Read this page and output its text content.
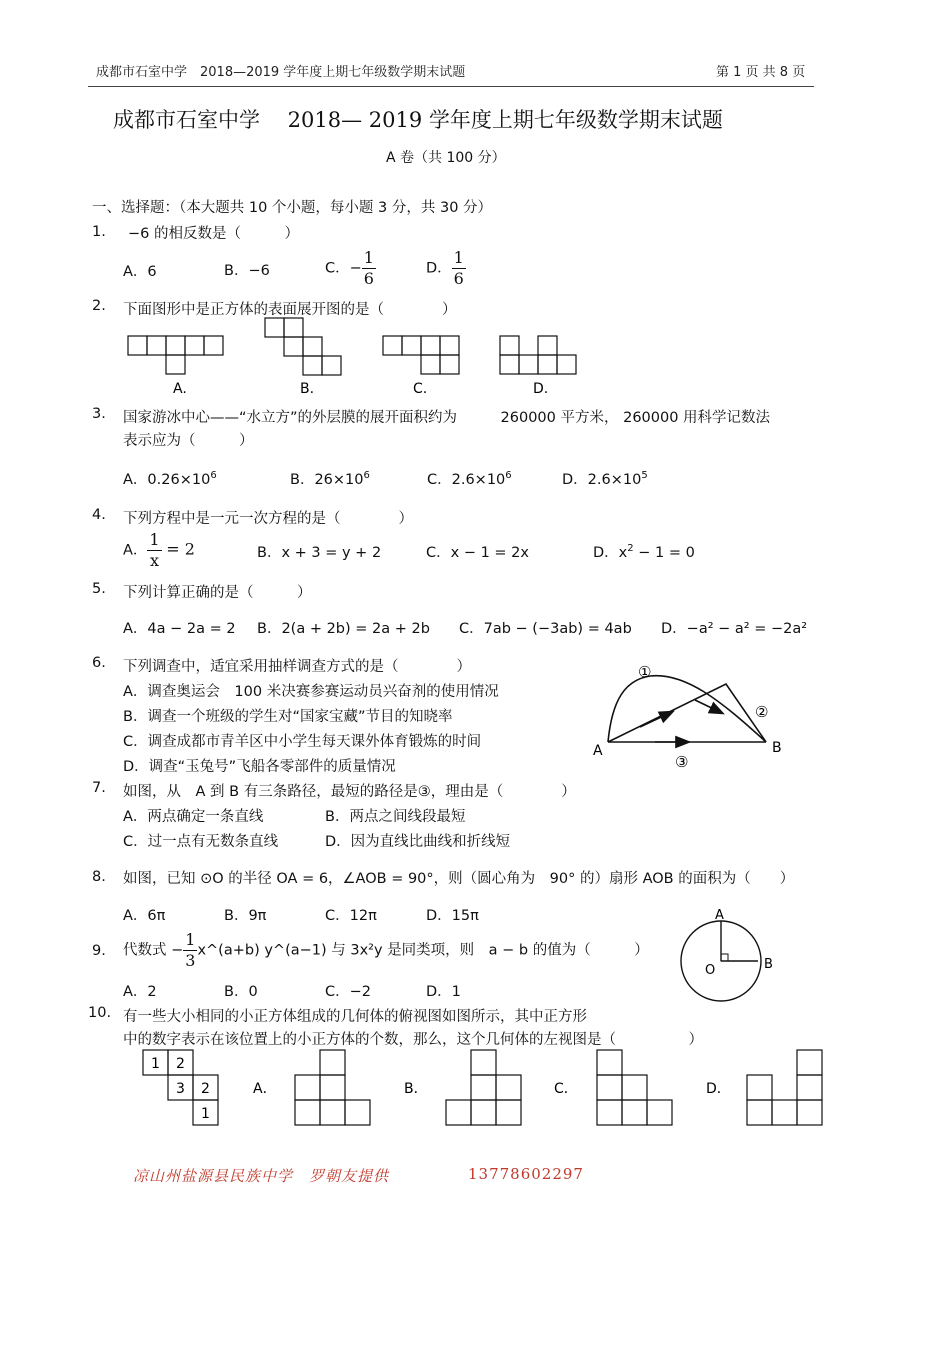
成都市石室中学　2018—2019 学年度上期七年级数学期末试题	第 1 页 共 8 页
成都市石室中学　 2018— 2019 学年度上期七年级数学期末试题
A 卷（共 100 分）
一、选择题：（本大题共 10 个小题，每小题 3 分，共 30 分）
1. −6 的相反数是（　　　）
A．6	B．−6	C．− $\frac{1}{6}$	D． $\frac{1}{6}$
2. 下面图形中是正方体的表面展开图的是（　　　　）
A.	B.	C.	D.
3. 国家游冰中心——“水立方”的外层膜的展开面积约为　　　260000 平方米， 260000 用科学记数法
表示应为（　　　）
A．$0.26\times 10^6$	B．$26\times 10^6$	C．$2.6\times 10^6$	D．$2.6\times 10^5$
4. 下列方程中是一元一次方程的是（　　　　）
A． $\frac{1}{x} = 2$	B．x + 3 = y + 2	C．x − 1 = 2x	D．$x^2 - 1 = 0$
5. 下列计算正确的是（　　　）
A．4a − 2a = 2 B．2(a + 2b) = 2a + 2b C．7ab − (−3ab) = 4ab D．−a² − a² = −2a²
6. 下列调查中，适宜采用抽样调查方式的是（　　　　）
A．调查奥运会　100 米决赛参赛运动员兴奋剂的使用情况
B．调查一个班级的学生对“国家宝藏”节目的知晓率
C．调查成都市青羊区中小学生每天课外体育锻炼的时间
D．调查“玉兔号”飞船各零部件的质量情况
①
②
③
A	B
7. 如图，从　A 到 B 有三条路径，最短的路径是③，理由是（　　　　）
A．两点确定一条直线	B．两点之间线段最短
C．过一点有无数条直线	D．因为直线比曲线和折线短
8. 如图，已知 ⊙O 的半径 OA = 6，∠AOB = 90°，则（圆心角为　90° 的）扇形 AOB 的面积为（　　）
A．6π	B．9π	C．12π	D．15π	A
O	B
9. 代数式 − $\frac{1}{3}$ x^(a+b) y^(a−1) 与 3x²y 是同类项，则　a − b 的值为（　　　）
A．2	B．0	C．−2	D．1
10. 有一些大小相同的小正方体组成的几何体的俯视图如图所示，其中正方形
中的数字表示在该位置上的小正方体的个数，那么，这个几何体的左视图是（　　　　　）
1 2
3 2
1
A．	B．	C．	D．
凉山州盐源县民族中学　罗朝友提供	13778602297
